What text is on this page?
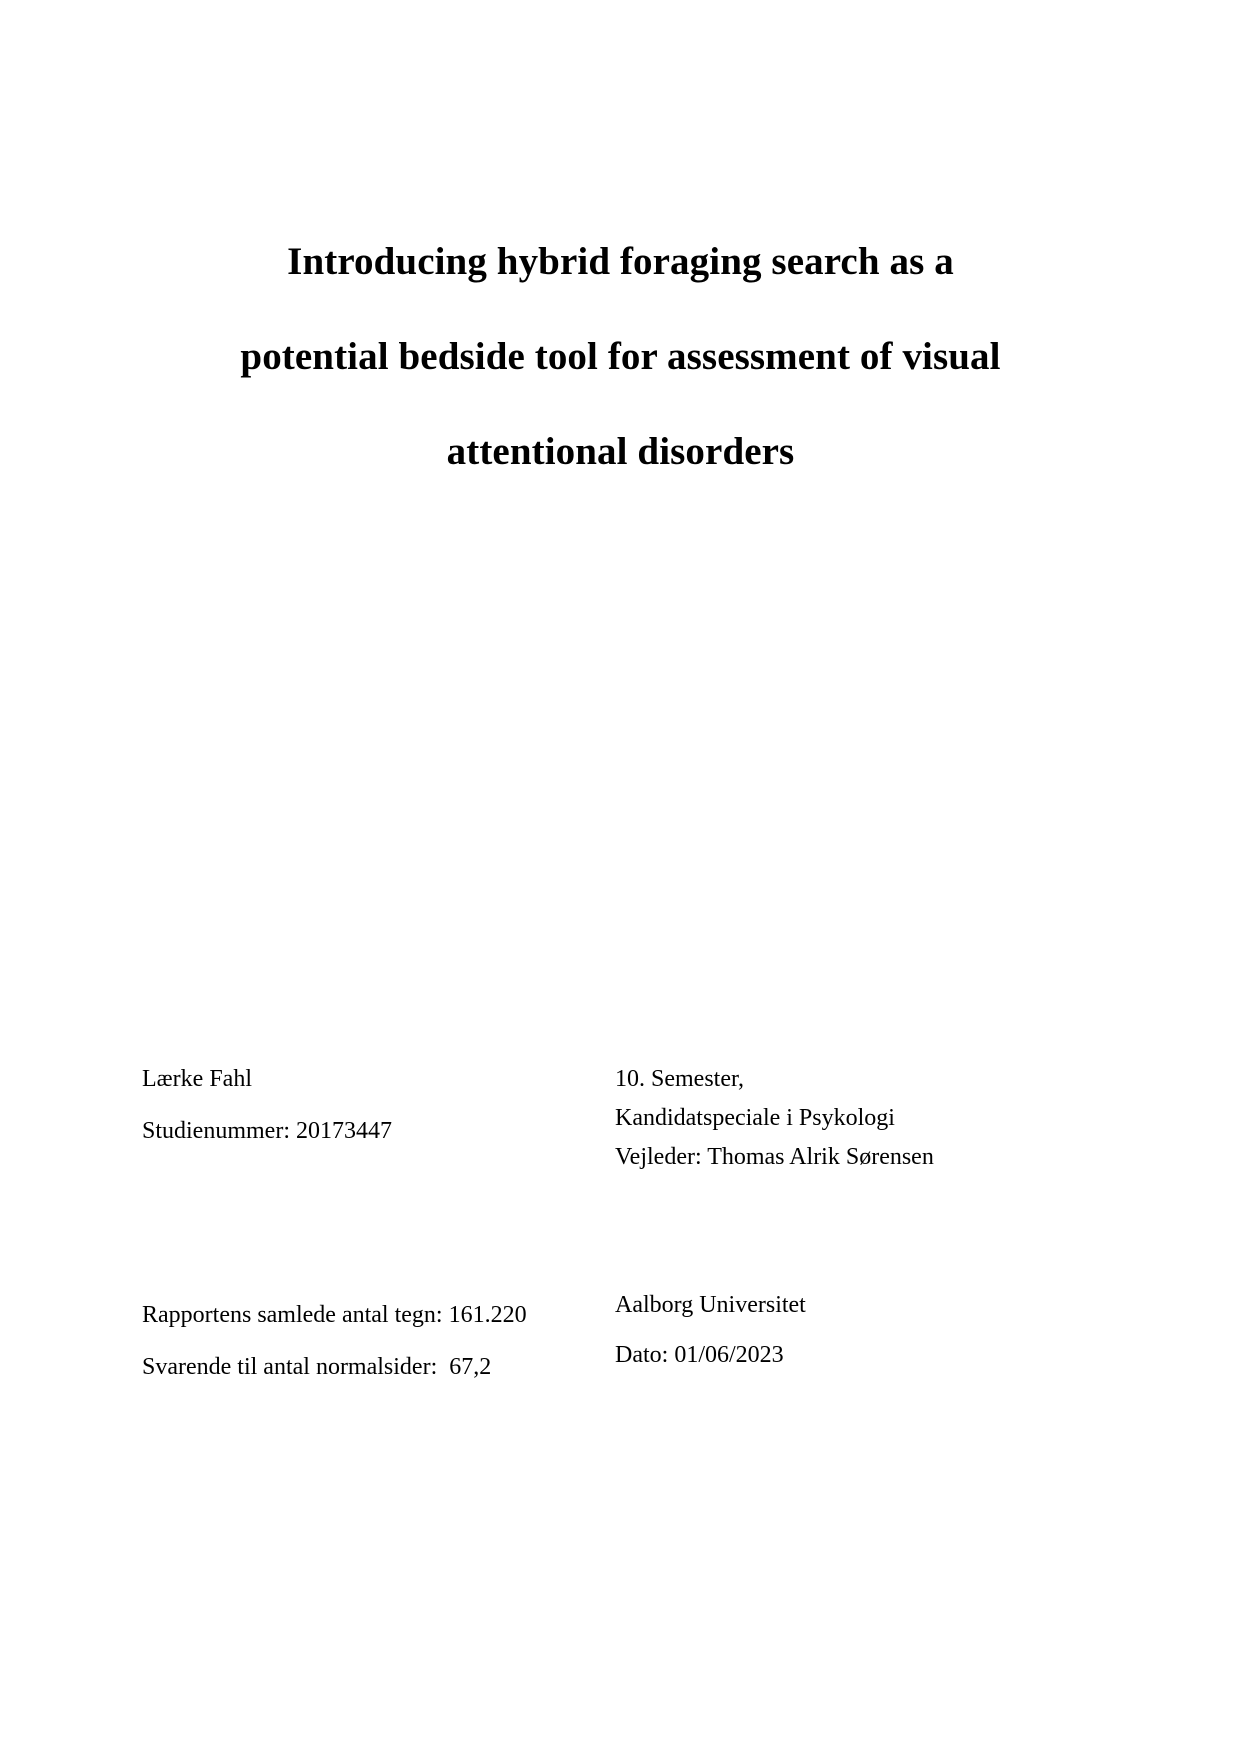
Introducing hybrid foraging search as a
potential bedside tool for assessment of visual
attentional disorders
Lærke Fahl
Studienummer: 20173447
10. Semester,
Kandidatspeciale i Psykologi
Vejleder: Thomas Alrik Sørensen
Rapportens samlede antal tegn: 161.220
Svarende til antal normalsider:  67,2
Aalborg Universitet
Dato: 01/06/2023
